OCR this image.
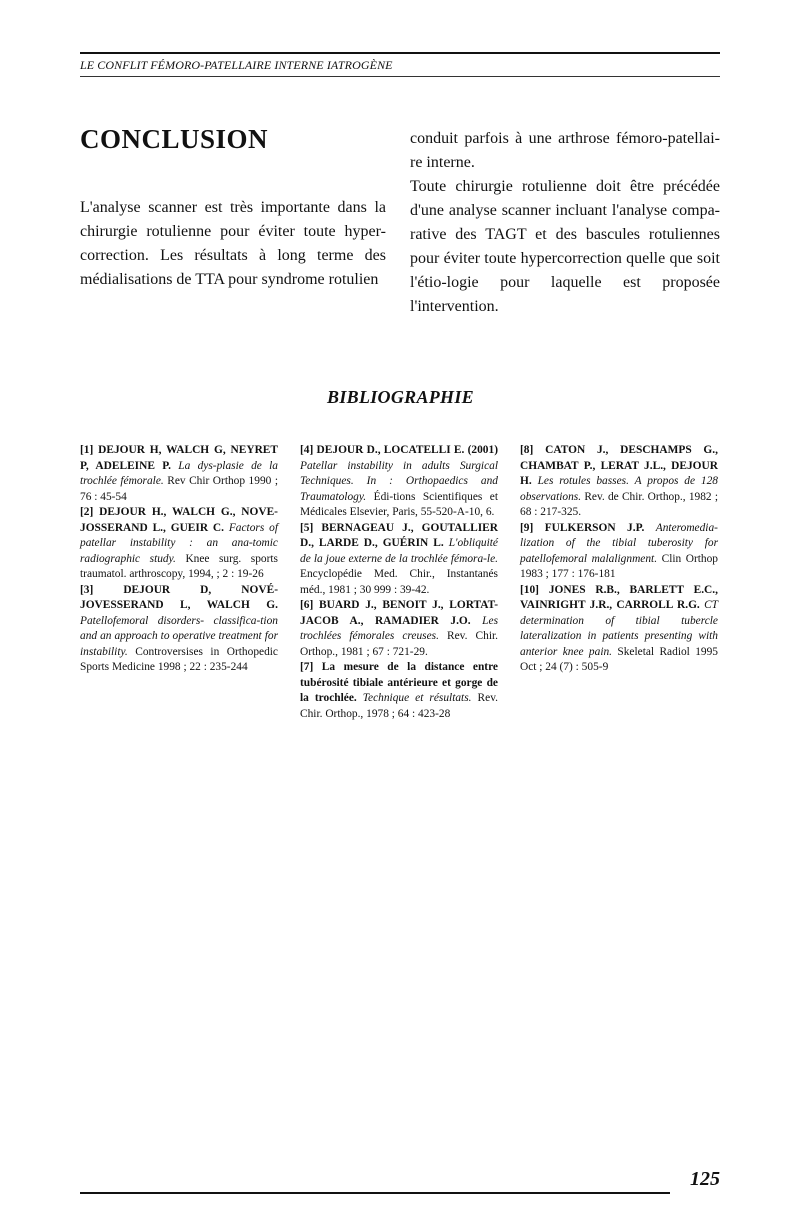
LE CONFLIT FÉMORO-PATELLAIRE INTERNE IATROGÈNE
CONCLUSION

L'analyse scanner est très importante dans la chirurgie rotulienne pour éviter toute hyper-correction. Les résultats à long terme des médialisations de TTA pour syndrome rotulien

conduit parfois à une arthrose fémoro-patellai-re interne.

Toute chirurgie rotulienne doit être précédée d'une analyse scanner incluant l'analyse compa-rative des TAGT et des bascules rotuliennes pour éviter toute hypercorrection quelle que soit l'étio-logie pour laquelle est proposée l'intervention.

BIBLIOGRAPHIE

[1] DEJOUR H, WALCH G, NEYRET P, ADELEINE P. La dys-plasie de la trochlée fémorale. Rev Chir Orthop 1990 ; 76 : 45-54

[2] DEJOUR H., WALCH G., NOVE-JOSSERAND L., GUEIR C. Factors of patellar instability : an ana-tomic radiographic study. Knee surg. sports traumatol. arthroscopy, 1994, ; 2 : 19-26

[3]	DEJOUR D, NOVÉ-JOVESSERAND L, WALCH G. Patellofemoral disorders- classifica-tion and an approach to operative treatment for instability. Controversises in Orthopedic Sports Medicine 1998 ; 22 : 235-244

[4] DEJOUR D., LOCATELLI E. (2001) Patellar instability in adults Surgical Techniques. In : Orthopaedics and Traumatology. Édi-tions Scientifiques et Médicales Elsevier, Paris, 55-520-A-10, 6.

[5] BERNAGEAU J., GOUTALLIER D., LARDE D., GUÉRIN L. L'obliquité de la joue externe de la trochlée fémora-le. Encyclopédie Med. Chir., Instantanés méd., 1981 ; 30 999 : 39-42.

[6] BUARD J., BENOIT J., LORTAT-JACOB A., RAMADIER J.O. Les trochlées fémorales creuses. Rev. Chir. Orthop., 1981 ; 67 : 721-29.

[7] La mesure de la distance entre tubérosité tibiale antérieure et gorge de la trochlée. Technique et résultats. Rev. Chir. Orthop., 1978 ; 64 : 423-28

[8] CATON J., DESCHAMPS G., CHAMBAT P., LERAT J.L., DEJOUR H. Les rotules basses. A propos de 128 observations. Rev. de Chir. Orthop., 1982 ; 68 : 217-325.

[9] FULKERSON J.P. Anteromedia-lization of the tibial tuberosity for patellofemoral malalignment. Clin Orthop 1983 ; 177 : 176-181

[10] JONES R.B., BARLETT E.C., VAINRIGHT J.R., CARROLL R.G. CT determination of tibial tubercle lateralization in patients presenting with anterior knee pain. Skeletal Radiol 1995 Oct ; 24 (7) : 505-9

125
